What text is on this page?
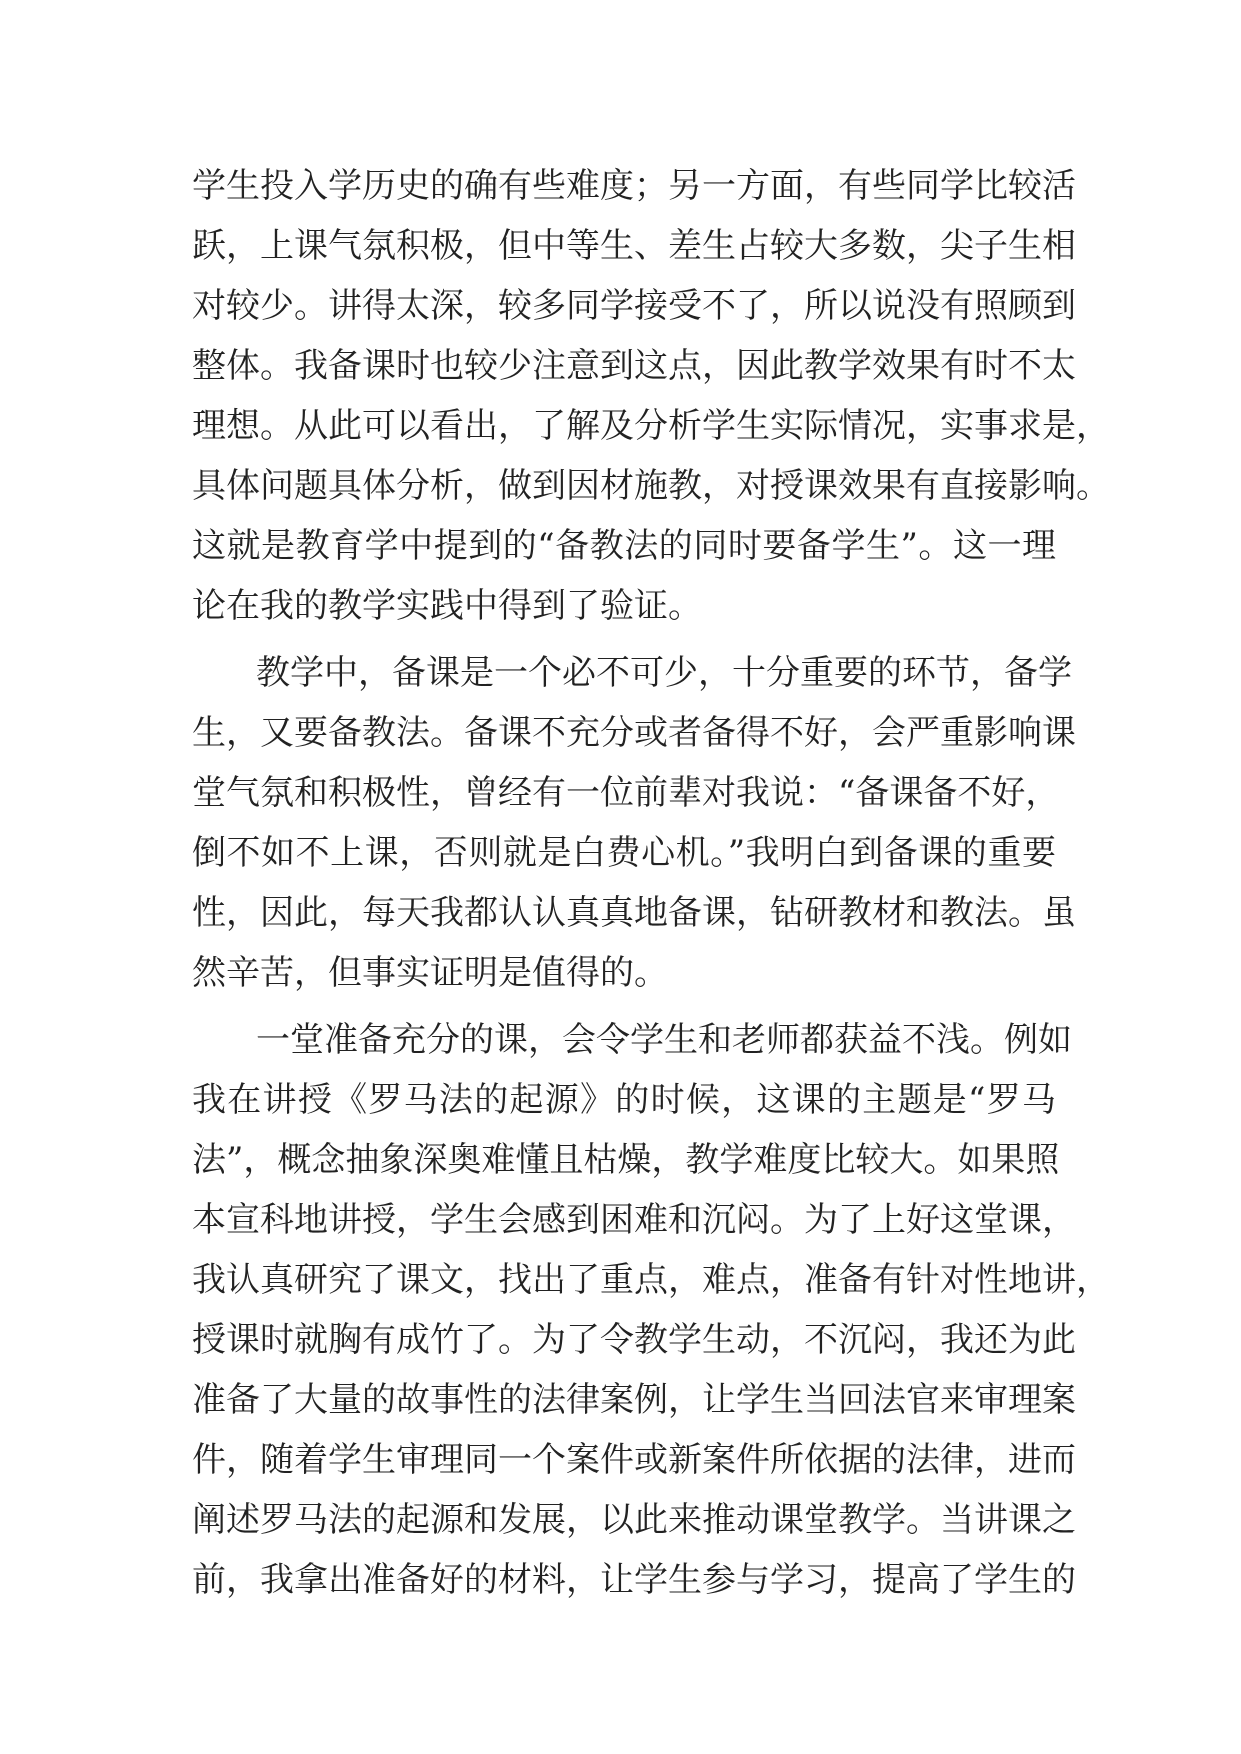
学生投入学历史的确有些难度；另一方面，有些同学比较活
跃，上课气氛积极，但中等生、差生占较大多数，尖子生相
对较少。讲得太深，较多同学接受不了，所以说没有照顾到
整体。我备课时也较少注意到这点，因此教学效果有时不太
理想。从此可以看出，了解及分析学生实际情况，实事求是，
具体问题具体分析，做到因材施教，对授课效果有直接影响。
这就是教育学中提到的“备教法的同时要备学生”。这一理
论在我的教学实践中得到了验证。
教学中，备课是一个必不可少，十分重要的环节，备学
生，又要备教法。备课不充分或者备得不好，会严重影响课
堂气氛和积极性，曾经有一位前辈对我说：“备课备不好，
倒不如不上课，否则就是白费心机。”我明白到备课的重要
性，因此，每天我都认认真真地备课，钻研教材和教法。虽
然辛苦，但事实证明是值得的。
一堂准备充分的课，会令学生和老师都获益不浅。例如
我在讲授《罗马法的起源》的时候，这课的主题是“罗马
法”，概念抽象深奥难懂且枯燥，教学难度比较大。如果照
本宣科地讲授，学生会感到困难和沉闷。为了上好这堂课，
我认真研究了课文，找出了重点，难点，准备有针对性地讲，
授课时就胸有成竹了。为了令教学生动，不沉闷，我还为此
准备了大量的故事性的法律案例，让学生当回法官来审理案
件，随着学生审理同一个案件或新案件所依据的法律，进而
阐述罗马法的起源和发展，以此来推动课堂教学。当讲课之
前，我拿出准备好的材料，让学生参与学习，提高了学生的
